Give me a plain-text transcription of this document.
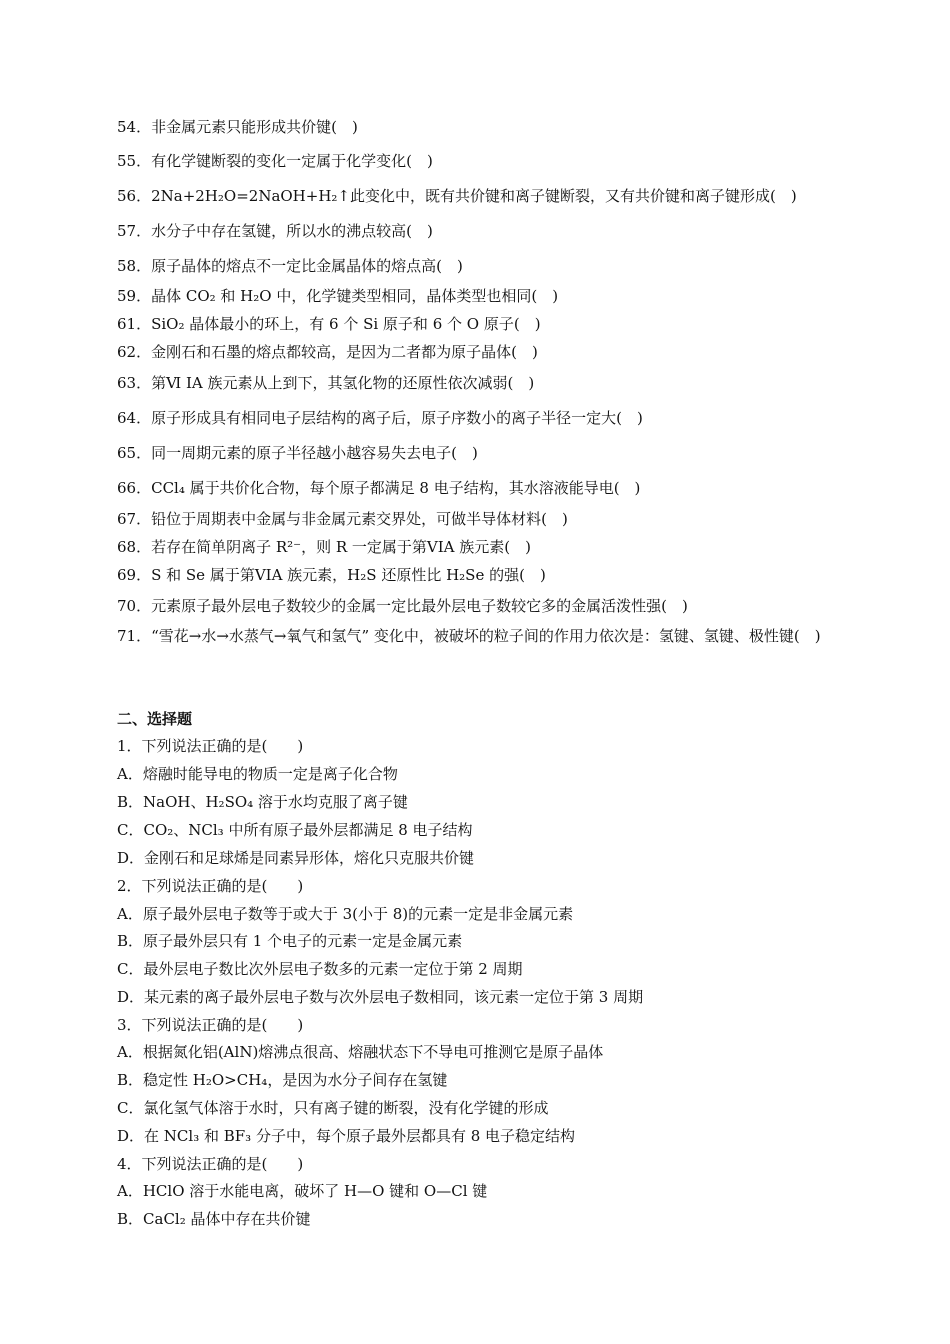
54．非金属元素只能形成共价键(　)
55．有化学键断裂的变化一定属于化学变化(　)
56．2Na+2H₂O=2NaOH+H₂↑此变化中，既有共价键和离子键断裂，又有共价键和离子键形成(　)
57．水分子中存在氢键，所以水的沸点较高(　)
58．原子晶体的熔点不一定比金属晶体的熔点高(　)
59．晶体 CO₂ 和 H₂O 中，化学键类型相同，晶体类型也相同(　)
61．SiO₂ 晶体最小的环上，有 6 个 Si 原子和 6 个 O 原子(　)
62．金刚石和石墨的熔点都较高，是因为二者都为原子晶体(　)
63．第Ⅵ IA 族元素从上到下，其氢化物的还原性依次减弱(　)
64．原子形成具有相同电子层结构的离子后，原子序数小的离子半径一定大(　)
65．同一周期元素的原子半径越小越容易失去电子(　)
66．CCl₄ 属于共价化合物，每个原子都满足 8 电子结构，其水溶液能导电(　)
67．铅位于周期表中金属与非金属元素交界处，可做半导体材料(　)
68．若存在简单阴离子 R²⁻，则 R 一定属于第VIA 族元素(　)
69．S 和 Se 属于第VIA 族元素，H₂S 还原性比 H₂Se 的强(　)
70．元素原子最外层电子数较少的金属一定比最外层电子数较它多的金属活泼性强(　)
71．“雪花→水→水蒸气→氧气和氢气” 变化中，被破坏的粒子间的作用力依次是：氢键、氢键、极性键(　)
二、选择题
1．下列说法正确的是(　　)
A．熔融时能导电的物质一定是离子化合物
B．NaOH、H₂SO₄ 溶于水均克服了离子键
C．CO₂、NCl₃ 中所有原子最外层都满足 8 电子结构
D．金刚石和足球烯是同素异形体，熔化只克服共价键
2．下列说法正确的是(　　)
A．原子最外层电子数等于或大于 3(小于 8)的元素一定是非金属元素
B．原子最外层只有 1 个电子的元素一定是金属元素
C．最外层电子数比次外层电子数多的元素一定位于第 2 周期
D．某元素的离子最外层电子数与次外层电子数相同，该元素一定位于第 3 周期
3．下列说法正确的是(　　)
A．根据氮化铝(AlN)熔沸点很高、熔融状态下不导电可推测它是原子晶体
B．稳定性 H₂O>CH₄，是因为水分子间存在氢键
C．氯化氢气体溶于水时，只有离子键的断裂，没有化学键的形成
D．在 NCl₃ 和 BF₃ 分子中，每个原子最外层都具有 8 电子稳定结构
4．下列说法正确的是(　　)
A．HClO 溶于水能电离，破坏了 H—O 键和 O—Cl 键
B．CaCl₂ 晶体中存在共价键
